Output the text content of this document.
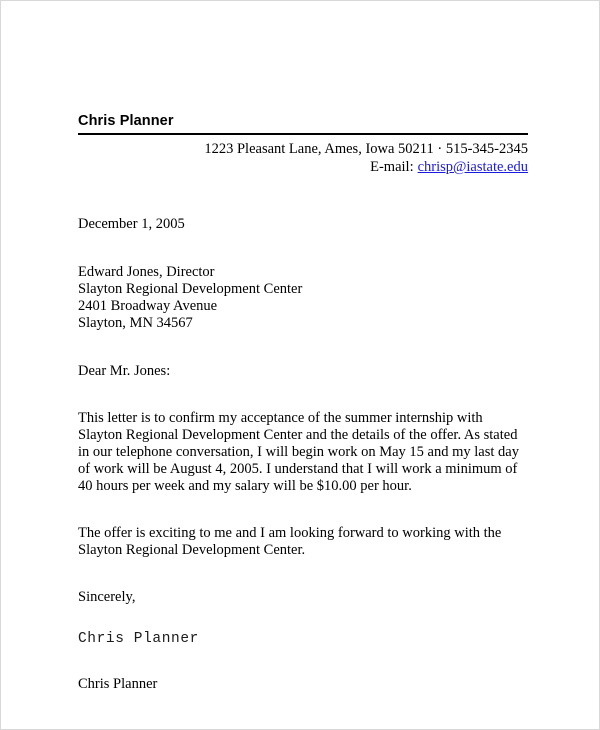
Chris Planner
1223 Pleasant Lane, Ames, Iowa 50211 · 515-345-2345
E-mail: chrisp@iastate.edu
December 1, 2005
Edward Jones, Director
Slayton Regional Development Center
2401 Broadway Avenue
Slayton, MN 34567
Dear Mr. Jones:

This letter is to confirm my acceptance of the summer internship with Slayton Regional Development Center and the details of the offer. As stated in our telephone conversation, I will begin work on May 15 and my last day of work will be August 4, 2005. I understand that I will work a minimum of 40 hours per week and my salary will be $10.00 per hour.

The offer is exciting to me and I am looking forward to working with the Slayton Regional Development Center.

Sincerely,
Chris Planner
Chris Planner
